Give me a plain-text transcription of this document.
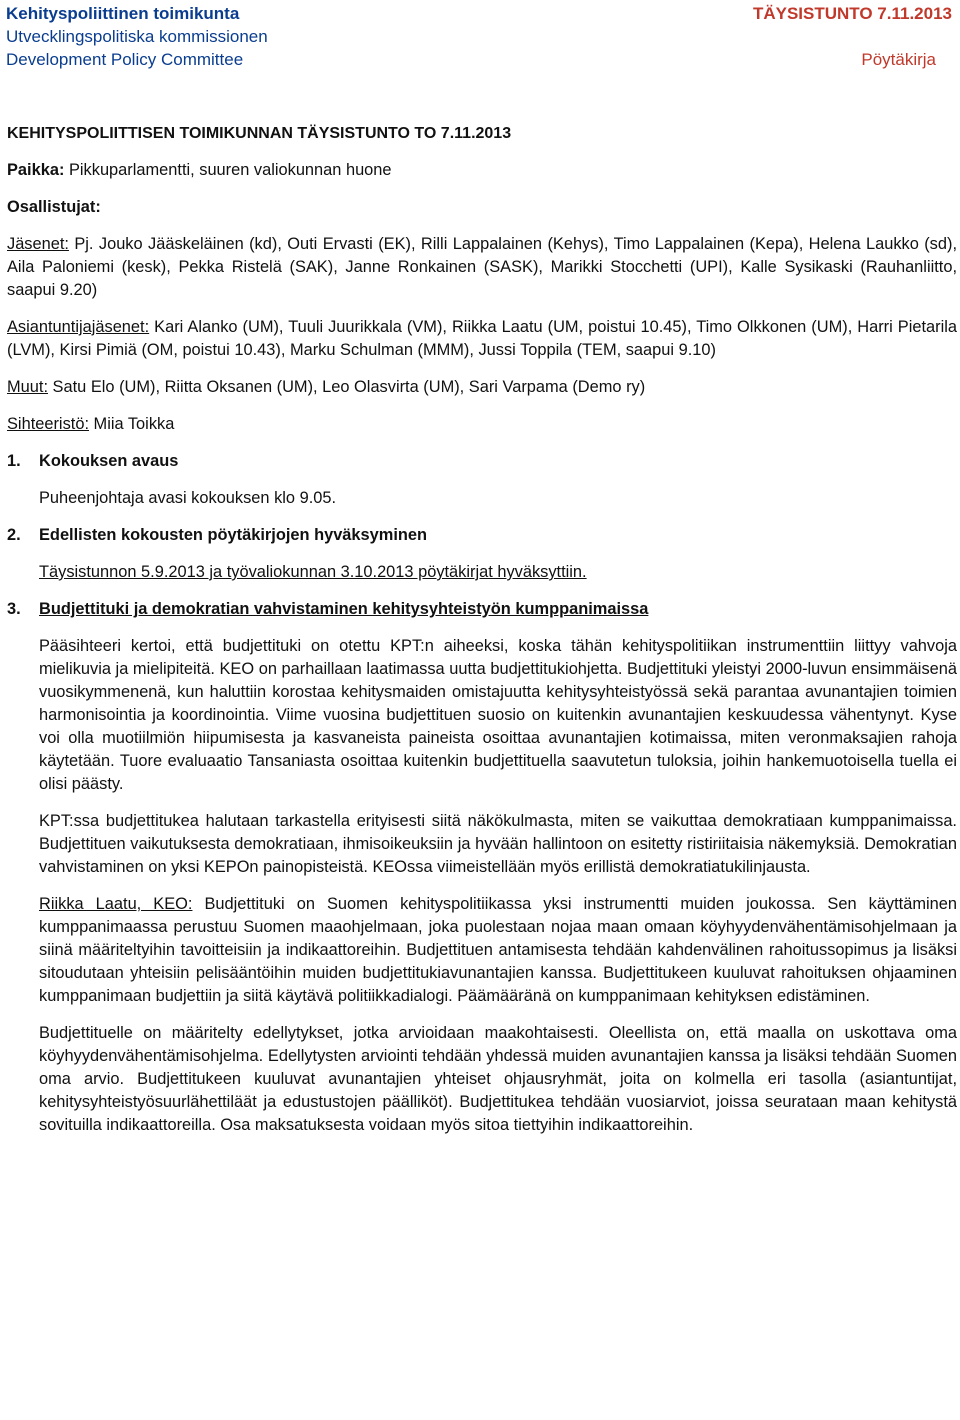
Kehityspoliittinen toimikunta
Utvecklingspolitiska kommissionen
Development Policy Committee
TÄYSISTUNTO 7.11.2013
Pöytäkirja

KEHITYSPOLIITTISEN TOIMIKUNNAN TÄYSISTUNTO TO 7.11.2013

Paikka: Pikkuparlamentti, suuren valiokunnan huone

Osallistujat:

Jäsenet: Pj. Jouko Jääskeläinen (kd), Outi Ervasti (EK), Rilli Lappalainen (Kehys), Timo Lappalainen (Kepa), Helena Laukko (sd), Aila Paloniemi (kesk), Pekka Ristelä (SAK), Janne Ronkainen (SASK), Marikki Stocchetti (UPI), Kalle Sysikaski (Rauhanliitto, saapui 9.20)

Asiantuntijajäsenet: Kari Alanko (UM), Tuuli Juurikkala (VM), Riikka Laatu (UM, poistui 10.45), Timo Olkkonen (UM), Harri Pietarila (LVM), Kirsi Pimiä (OM, poistui 10.43), Marku Schulman (MMM), Jussi Toppila (TEM, saapui 9.10)

Muut: Satu Elo (UM), Riitta Oksanen (UM), Leo Olasvirta (UM), Sari Varpama (Demo ry)

Sihteeristö: Miia Toikka

1. Kokouksen avaus

Puheenjohtaja avasi kokouksen klo 9.05.

2. Edellisten kokousten pöytäkirjojen hyväksyminen

Täysistunnon 5.9.2013 ja työvaliokunnan 3.10.2013 pöytäkirjat hyväksyttiin.

3. Budjettituki ja demokratian vahvistaminen kehitysyhteistyön kumppanimaissa

Pääsihteeri kertoi, että budjettituki on otettu KPT:n aiheeksi, koska tähän kehityspolitiikan instrumenttiin liittyy vahvoja mielikuvia ja mielipiteitä. KEO on parhaillaan laatimassa uutta budjettitukiohjetta. Budjettituki yleistyi 2000-luvun ensimmäisenä vuosikymmenenä, kun haluttiin korostaa kehitysmaiden omistajuutta kehitysyhteistyössä sekä parantaa avunantajien toimien harmonisointia ja koordinointia. Viime vuosina budjettituen suosio on kuitenkin avunantajien keskuudessa vähentynyt. Kyse voi olla muotiilmiön hiipumisesta ja kasvaneista paineista osoittaa avunantajien kotimaissa, miten veronmaksajien rahoja käytetään. Tuore evaluaatio Tansaniasta osoittaa kuitenkin budjettituella saavutetun tuloksia, joihin hankemuotoisella tuella ei olisi päästy.

KPT:ssa budjettitukea halutaan tarkastella erityisesti siitä näkökulmasta, miten se vaikuttaa demokratiaan kumppanimaissa. Budjettituen vaikutuksesta demokratiaan, ihmisoikeuksiin ja hyvään hallintoon on esitetty ristiriitaisia näkemyksiä. Demokratian vahvistaminen on yksi KEPOn painopisteistä. KEOssa viimeistellään myös erillistä demokratiatukilinjausta.

Riikka Laatu, KEO: Budjettituki on Suomen kehityspolitiikassa yksi instrumentti muiden joukossa. Sen käyttäminen kumppanimaassa perustuu Suomen maaohjelmaan, joka puolestaan nojaa maan omaan köyhyydenvähentämisohjelmaan ja siinä määriteltyihin tavoitteisiin ja indikaattoreihin. Budjettituen antamisesta tehdään kahdenvälinen rahoitussopimus ja lisäksi sitoudutaan yhteisiin pelisääntöihin muiden budjettitukiavunantajien kanssa. Budjettitukeen kuuluvat rahoituksen ohjaaminen kumppanimaan budjettiin ja siitä käytävä politiikkadialogi. Päämääränä on kumppanimaan kehityksen edistäminen.

Budjettituelle on määritelty edellytykset, jotka arvioidaan maakohtaisesti. Oleellista on, että maalla on uskottava oma köyhyydenvähentämisohjelma. Edellytysten arviointi tehdään yhdessä muiden avunantajien kanssa ja lisäksi tehdään Suomen oma arvio. Budjettitukeen kuuluvat avunantajien yhteiset ohjausryhmät, joita on kolmella eri tasolla (asiantuntijat, kehitysyhteistyösuurlähettiläät ja edustustojen päälliköt). Budjettitukea tehdään vuosiarviot, joissa seurataan maan kehitystä sovituilla indikaattoreilla. Osa maksatuksesta voidaan myös sitoa tiettyihin indikaattoreihin.
